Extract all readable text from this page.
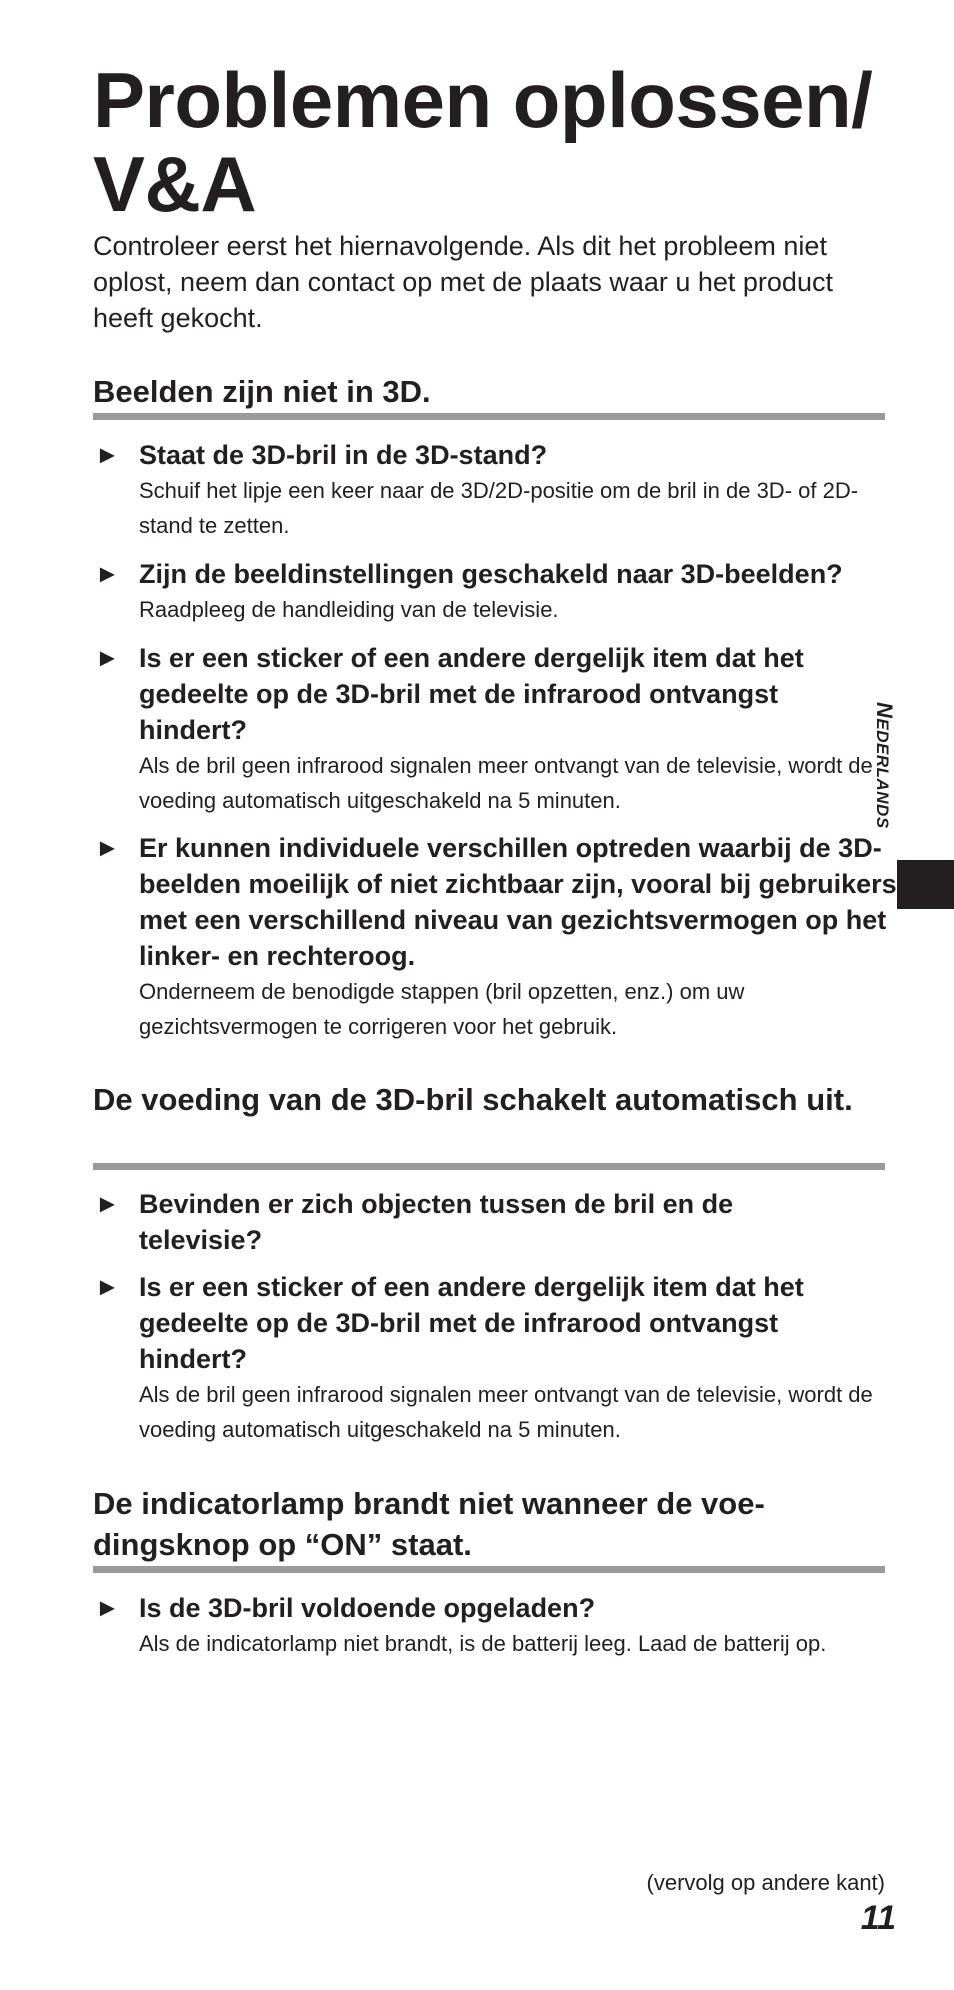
Problemen oplossen/ V&A

Controleer eerst het hiernavolgende. Als dit het probleem niet oplost, neem dan contact op met de plaats waar u het product heeft gekocht.

Beelden zijn niet in 3D.
► Staat de 3D-bril in de 3D-stand?

Schuif het lipje een keer naar de 3D/2D-positie om de bril in de 3D- of 2D-stand te zetten.

► Zijn de beeldinstellingen geschakeld naar 3D-beelden?

Raadpleeg de handleiding van de televisie.

► Is er een sticker of een andere dergelijk item dat het gedeelte op de 3D-bril met de infrarood ontvangst hindert?

Als de bril geen infrarood signalen meer ontvangt van de televisie, wordt de voeding automatisch uitgeschakeld na 5 minuten.

► Er kunnen individuele verschillen optreden waarbij de 3D-beelden moeilijk of niet zichtbaar zijn, vooral bij gebruikers met een verschillend niveau van gezichtsvermogen op het linker- en rechteroog.

Onderneem de benodigde stappen (bril opzetten, enz.) om uw gezichtsvermogen te corrigeren voor het gebruik.

De voeding van de 3D-bril schakelt automatisch uit.
► Bevinden er zich objecten tussen de bril en de televisie?

► Is er een sticker of een andere dergelijk item dat het gedeelte op de 3D-bril met de infrarood ontvangst hindert?

Als de bril geen infrarood signalen meer ontvangt van de televisie, wordt de voeding automatisch uitgeschakeld na 5 minuten.

De indicatorlamp brandt niet wanneer de voedingsknop op “ON” staat.
► Is de 3D-bril voldoende opgeladen?

Als de indicatorlamp niet brandt, is de batterij leeg. Laad de batterij op.

NEDERLANDS

(vervolg op andere kant)

11
